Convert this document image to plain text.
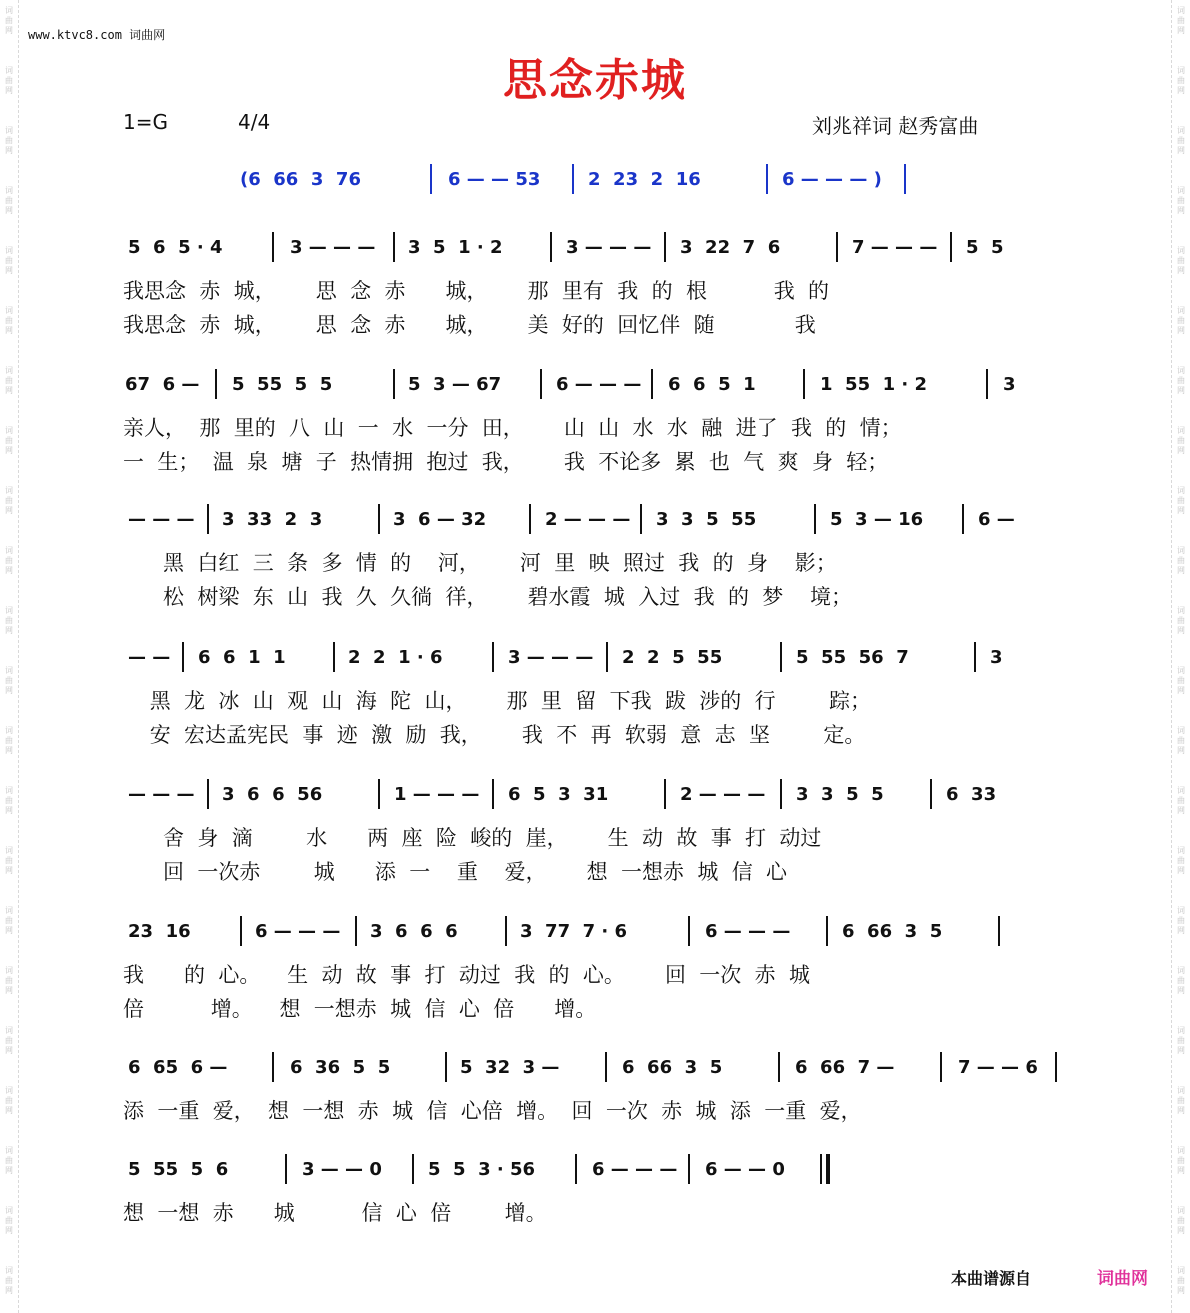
词
曲
网
词
曲
网
词
曲
网
词
曲
网
词
曲
网
词
曲
网
词
曲
网
词
曲
网
词
曲
网
词
曲
网
词
曲
网
词
曲
网
词
曲
网
词
曲
网
词
曲
网
词
曲
网
词
曲
网
词
曲
网
词
曲
网
词
曲
网
词
曲
网
词
曲
网
词
曲
网
词
曲
网
词
曲
网
词
曲
网
词
曲
网
词
曲
网
词
曲
网
词
曲
网
词
曲
网
词
曲
网
词
曲
网
词
曲
网
词
曲
网
词
曲
网
词
曲
网
词
曲
网
词
曲
网
词
曲
网
词
曲
网
词
曲
网
词
曲
网
词
曲
网
www.ktvc8.com 词曲网
思念赤城
1=G	4/4	刘兆祥词 赵秀富曲
(6  66  3  76	6 — — 53	2  23  2  16	6 — — — )
5  6  5 · 4	3 — — — 3  5  1 · 2	3 — — — 3  22  7  6	7 — — — 5  5
我思念  赤  城，      思  念  赤      城，      那  里有  我  的  根          我  的
我思念  赤  城，      思  念  赤      城，      美  好的  回忆伴  随            我
67  6 — 5  55  5  5	5  3 — 67	6 — — — 6  6  5  1	1  55  1 · 2	3
亲人，  那  里的  八  山  一  水  一分  田，      山  山  水  水  融  进了  我  的  情；
一  生；  温  泉  塘  子  热情拥  抱过  我，      我  不论多  累  也  气  爽  身  轻；
— — — 3  33  2  3	3  6 — 32	2 — — — 3  3  5  55	5  3 — 16	6 —
黑  白红  三  条  多  情  的    河，      河  里  映  照过  我  的  身    影；
松  树梁  东  山  我  久  久徜  徉，      碧水霞  城  入过  我  的  梦    境；
— — 6  6  1  1	2  2  1 · 6	3 — — — 2  2  5  55	5  55  56  7	3
黑  龙  冰  山  观  山  海  陀  山，      那  里  留  下我  跋  涉的  行        踪；
安  宏达孟宪民  事  迹  激  励  我，      我  不  再  软弱  意  志  坚        定。
— — — 3  6  6  56	1 — — — 6  5  3  31	2 — — — 3  3  5  5	6  33
舍  身  滴        水      两  座  险  峻的  崖，      生  动  故  事  打  动过
回  一次赤        城      添  一    重    爱，      想  一想赤  城  信  心
23  16	6 — — — 3  6  6  6	3  77  7 · 6	6 — — —	6  66  3  5
我      的  心。    生  动  故  事  打  动过  我  的  心。      回  一次  赤  城
倍          增。    想  一想赤  城  信  心  倍      增。
6  65  6 —	6  36  5  5	5  32  3 —	6  66  3  5	6  66  7 —	7 — — 6
添  一重  爱，  想  一想  赤  城  信  心倍  增。  回  一次  赤  城  添  一重  爱，
5  55  5  6	3 — — 0	5  5  3 · 56	6 — — — 6 — — 0
想  一想  赤      城          信  心  倍        增。
本曲谱源自	词曲网
